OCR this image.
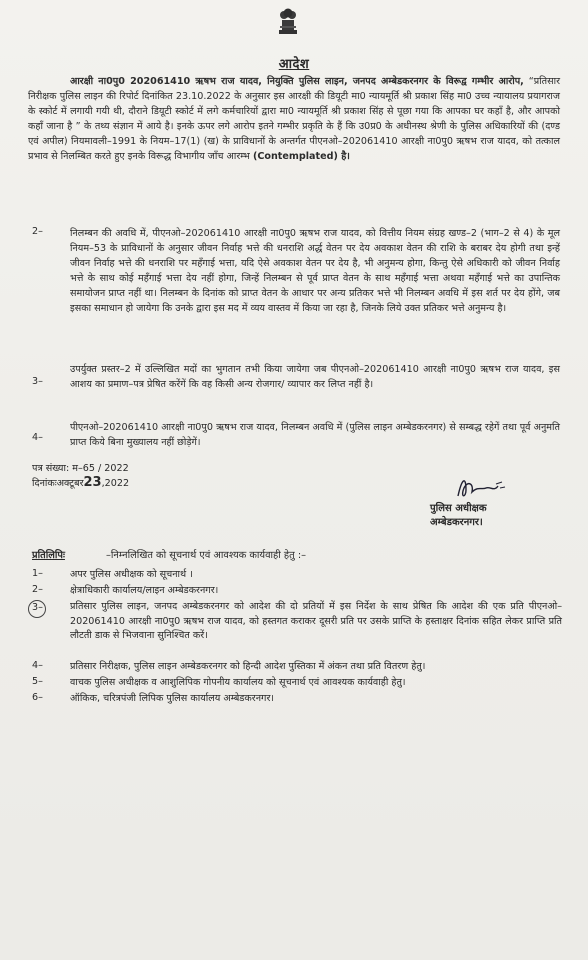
आदेश
आरक्षी ना0पु0 202061410 ऋषभ राज यादव, नियुक्ति पुलिस लाइन, जनपद अम्बेडकरनगर के विरूद्व गम्भीर आरोप, “प्रतिसार निरीक्षक पुलिस लाइन की रिपोर्ट दिनांकित 23.10.2022 के अनुसार इस आरक्षी की डियूटी मा0 न्यायमूर्ति श्री प्रकाश सिंह मा0 उच्च न्यायालय प्रयागराज के स्कोर्ट में लगायी गयी थी, दौराने डियूटी स्कोर्ट में लगे कर्मचारियों द्वारा मा0 न्यायमूर्ति श्री प्रकाश सिंह से पूछा गया कि आपका घर कहाँ है, और आपको कहाँ जाना है ” के तथ्य संज्ञान में आये है। इनके ऊपर लगे आरोप इतने गम्भीर प्रकृति के हैं कि उ0प्र0 के अधीनस्थ श्रेणी के पुलिस अधिकारियों की (दण्ड एवं अपील) नियमावली–1991 के नियम–17(1) (ख) के प्राविधानों के अन्तर्गत पीएनओ–202061410 आरक्षी ना0पु0 ऋषभ राज यादव, को तत्काल प्रभाव से निलम्बित करते हुए इनके विरूद्ध विभागीय जाँच आरम्भ (Contemplated) है।
2–	निलम्बन की अवधि में, पीएनओ–202061410 आरक्षी ना0पु0 ऋषभ राज यादव, को वित्तीय नियम संग्रह खण्ड–2 (भाग–2 से 4) के मूल नियम–53 के प्राविधानों के अनुसार जीवन निर्वाह भत्ते की धनराशि अर्द्ध वेतन पर देय अवकाश वेतन की राशि के बराबर देय होगी तथा इन्हें जीवन निर्वाह भत्ते की धनराशि पर महँगाई भत्ता, यदि ऐसे अवकाश वेतन पर देय है, भी अनुमन्य होगा, किन्तु ऐसे अधिकारी को जीवन निर्वाह भत्ते के साथ कोई महँगाई भत्ता देय नहीं होगा, जिन्हें निलम्बन से पूर्व प्राप्त वेतन के साथ महँगाई भत्ता अथवा महँगाई भत्ते का उपान्तिक समायोजन प्राप्त नहीं था। निलम्बन के दिनांक को प्राप्त वेतन के आधार पर अन्य प्रतिकर भत्ते भी निलम्बन अवधि में इस शर्त पर देय होंगे, जब इसका समाधान हो जायेगा कि उनके द्वारा इस मद में व्यय वास्तव में किया जा रहा है, जिनके लिये उक्त प्रतिकर भत्ते अनुमन्य है।
3–
उपर्युक्त प्रस्तर–2 में उल्लिखित मदों का भुगतान तभी किया जायेगा जब पीएनओ–202061410 आरक्षी ना0पु0 ऋषभ राज यादव, इस आशय का प्रमाण–पत्र प्रेषित करेंगें कि वह किसी अन्य रोजगार/ व्यापार कर लिप्त नहीं है।
4–
पीएनओ–202061410 आरक्षी ना0पु0 ऋषभ राज यादव, निलम्बन अवधि में (पुलिस लाइन अम्बेडकरनगर) से सम्बद्ध रहेगें तथा पूर्व अनुमति प्राप्त किये बिना मुख्यालय नहीं छोड़ेगें।
पत्र संख्या: म–65 / 2022
दिनांकःअक्टूबर23,2022
पुलिस अधीक्षक
अम्बेडकरनगर।
प्रतिलिपिः	–निम्नलिखित को सूचनार्थ एवं आवश्यक कार्यवाही हेतु :–
1–	अपर पुलिस अधीक्षक को सूचनार्थ ।
2–	क्षेत्राधिकारी कार्यालय/लाइन अम्बेडकरनगर।
3–	प्रतिसार पुलिस लाइन, जनपद अम्बेडकरनगर को आदेश की दो प्रतियों में इस निर्देश के साथ प्रेषित कि आदेश की एक प्रति पीएनओ–202061410 आरक्षी ना0पु0 ऋषभ राज यादव, को हस्तगत कराकर दूसरी प्रति पर उसके प्राप्ति के हस्ताक्षर दिनांक सहित लेकर प्राप्ति प्रति लौटती डाक से भिजवाना सुनिश्चित करें।
4–	प्रतिसार निरीक्षक, पुलिस लाइन अम्बेडकरनगर को हिन्दी आदेश पुस्तिका में अंकन तथा प्रति वितरण हेतु।
5–	वाचक पुलिस अधीक्षक व आशुलिपिक गोपनीय कार्यालय को सूचनार्थ एवं आवश्यक कार्यवाही हेतु।
6–	ऑकिक, चरित्रपंजी लिपिक पुलिस कार्यालय अम्बेडकरनगर।
